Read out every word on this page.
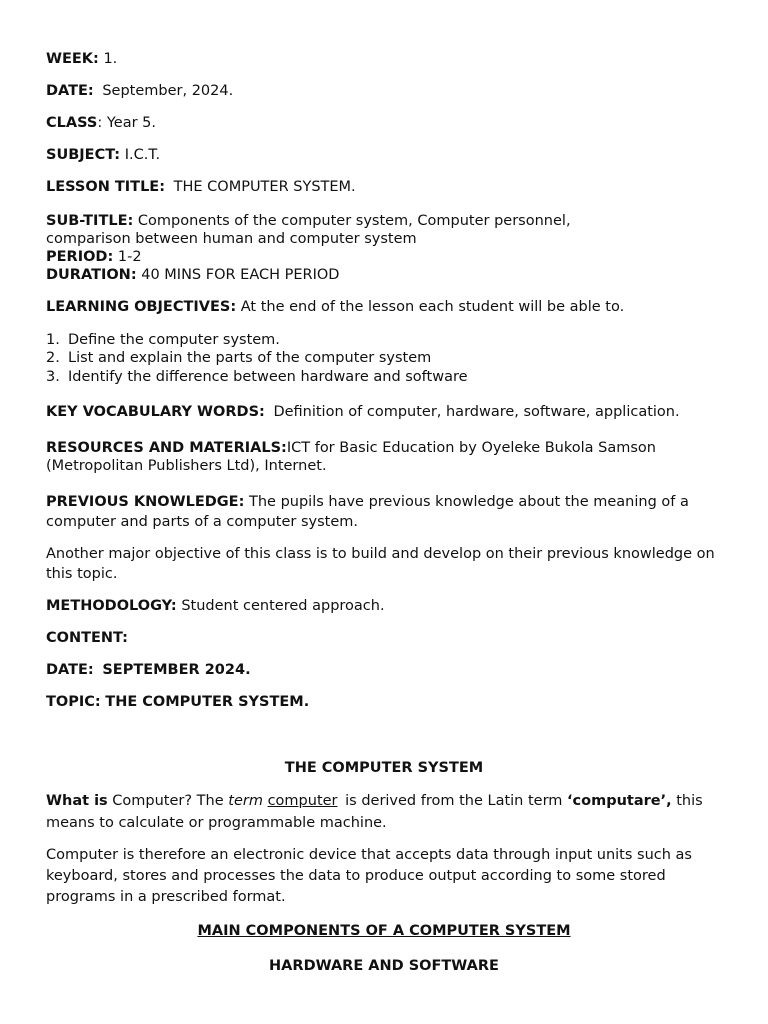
WEEK: 1.
DATE: September, 2024.
CLASS: Year 5.
SUBJECT: I.C.T.
LESSON TITLE: THE COMPUTER SYSTEM.
SUB-TITLE: Components of the computer system, Computer personnel,
comparison between human and computer system
PERIOD: 1-2
DURATION: 40 MINS FOR EACH PERIOD
LEARNING OBJECTIVES: At the end of the lesson each student will be able to.
1. Define the computer system.
2. List and explain the parts of the computer system
3. Identify the difference between hardware and software
KEY VOCABULARY WORDS: Definition of computer, hardware, software, application.
RESOURCES AND MATERIALS:ICT for Basic Education by Oyeleke Bukola Samson
(Metropolitan Publishers Ltd), Internet.
PREVIOUS KNOWLEDGE: The pupils have previous knowledge about the meaning of a
computer and parts of a computer system.
Another major objective of this class is to build and develop on their previous knowledge on
this topic.
METHODOLOGY: Student centered approach.
CONTENT:
DATE: SEPTEMBER 2024.
TOPIC: THE COMPUTER SYSTEM.
THE COMPUTER SYSTEM
What is Computer? The term computer is derived from the Latin term ‘computare’, this
means to calculate or programmable machine.
Computer is therefore an electronic device that accepts data through input units such as
keyboard, stores and processes the data to produce output according to some stored
programs in a prescribed format.
MAIN COMPONENTS OF A COMPUTER SYSTEM
HARDWARE AND SOFTWARE
